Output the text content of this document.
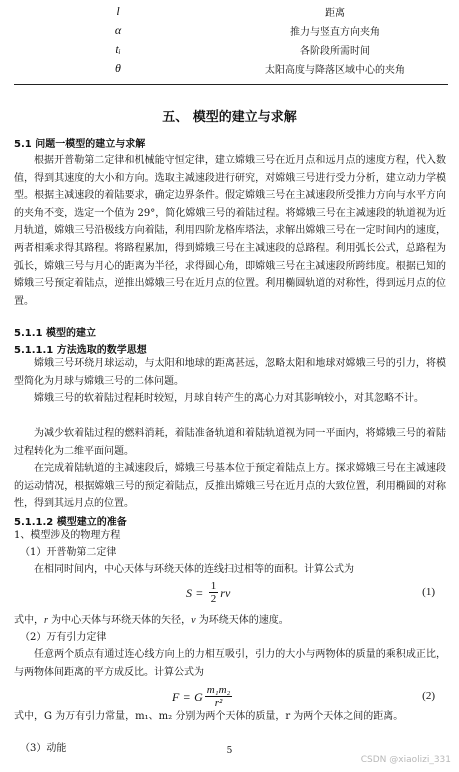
l	距离
α	推力与竖直方向夹角
tᵢ	各阶段所需时间
θ	太阳高度与降落区域中心的夹角
五、 模型的建立与求解
5.1 问题一模型的建立与求解

根据开普勒第二定律和机械能守恒定律，建立嫦娥三号在近月点和远月点的速度方程，代入数值，得到其速度的大小和方向。选取主减速段进行研究，对嫦娥三号进行受力分析，建立动力学模型。根据主减速段的着陆要求，确定边界条件。假定嫦娥三号在主减速段所受推力方向与水平方向的夹角不变，选定一个值为 29°，简化嫦娥三号的着陆过程。将嫦娥三号在主减速段的轨道视为近月轨道，嫦娥三号沿极线方向着陆，利用四阶龙格库塔法，求解出嫦娥三号在一定时间内的速度，两者相乘求得其路程。将路程累加，得到嫦娥三号在主减速段的总路程。利用弧长公式，总路程为弧长，嫦娥三号与月心的距离为半径，求得圆心角，即嫦娥三号在主减速段所跨纬度。根据已知的嫦娥三号预定着陆点，逆推出嫦娥三号在近月点的位置。利用椭圆轨道的对称性，得到远月点的位置。

5.1.1 模型的建立
5.1.1.1 方法选取的数学思想

嫦娥三号环绕月球运动，与太阳和地球的距离甚远，忽略太阳和地球对嫦娥三号的引力，将模型简化为月球与嫦娥三号的二体问题。

嫦娥三号的软着陆过程耗时较短，月球自转产生的离心力对其影响较小，对其忽略不计。

为减少软着陆过程的燃料消耗，着陆准备轨道和着陆轨道视为同一平面内，将嫦娥三号的着陆过程转化为二维平面问题。

在完成着陆轨道的主减速段后，嫦娥三号基本位于预定着陆点上方。探求嫦娥三号在主减速段的运动情况，根据嫦娥三号的预定着陆点，反推出嫦娥三号在近月点的大致位置，利用椭圆的对称性，得到其远月点的位置。

5.1.1.2 模型建立的准备

1、模型涉及的物理方程

（1）开普勒第二定律

在相同时间内，中心天体与环绕天体的连线扫过相等的面积。计算公式为

$S = \frac{1}{2}$ rv	(1)

式中，r 为中心天体与环绕天体的矢径，v 为环绕天体的速度。

（2）万有引力定律

任意两个质点有通过连心线方向上的力相互吸引，引力的大小与两物体的质量的乘积成正比，与两物体间距离的平方成反比。计算公式为

F = G $\frac{\text{m₁m₂}}{\text{r²}}$	(2)

式中，G 为万有引力常量，m₁、m₂ 分别为两个天体的质量，r 为两个天体之间的距离。

（3）动能	5
CSDN @xiaolizi_331
